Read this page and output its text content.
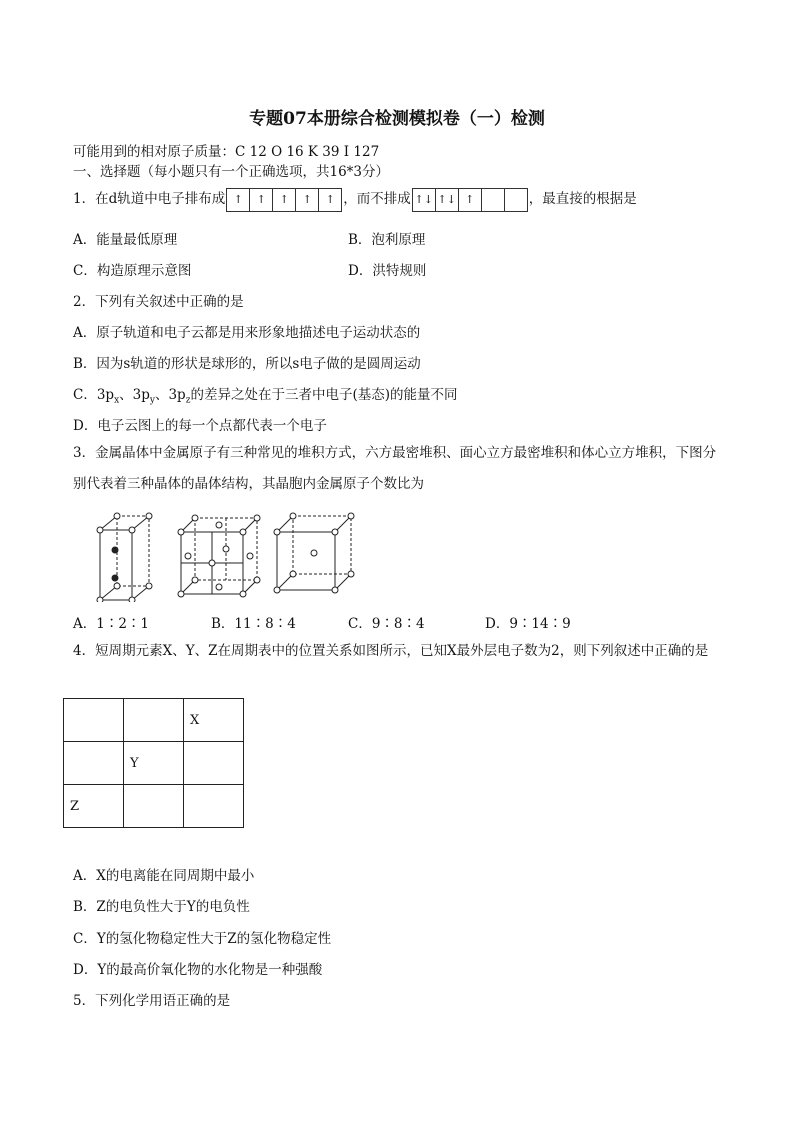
专题07本册综合检测模拟卷（一）检测
可能用到的相对原子质量：C 12 O 16 K 39 I 127
一、选择题（每小题只有一个正确选项，共16*3分）
1．在d轨道中电子排布成 ↑	↑	↑	↑	↑ ，而不排成 ↑↓ ↑↓ ↑	，最直接的根据是
A．能量最低原理	B．泡利原理
C．构造原理示意图	D．洪特规则
2．下列有关叙述中正确的是
A．原子轨道和电子云都是用来形象地描述电子运动状态的
B．因为s轨道的形状是球形的，所以s电子做的是圆周运动
C．$3p_x$、$3p_y$、$3p_z$的差异之处在于三者中电子(基态)的能量不同
D．电子云图上的每一个点都代表一个电子
3．金属晶体中金属原子有三种常见的堆积方式，六方最密堆积、面心立方最密堆积和体心立方堆积，下图分别代表着三种晶体的晶体结构，其晶胞内金属原子个数比为
A．1∶2∶1	B．11∶8∶4	C．9∶8∶4	D．9∶14∶9
4．短周期元素X、Y、Z在周期表中的位置关系如图所示，已知X最外层电子数为2，则下列叙述中正确的是
		X
	Y	
Z		
A．X的电离能在同周期中最小
B．Z的电负性大于Y的电负性
C．Y的氢化物稳定性大于Z的氢化物稳定性
D．Y的最高价氧化物的水化物是一种强酸
5．下列化学用语正确的是
